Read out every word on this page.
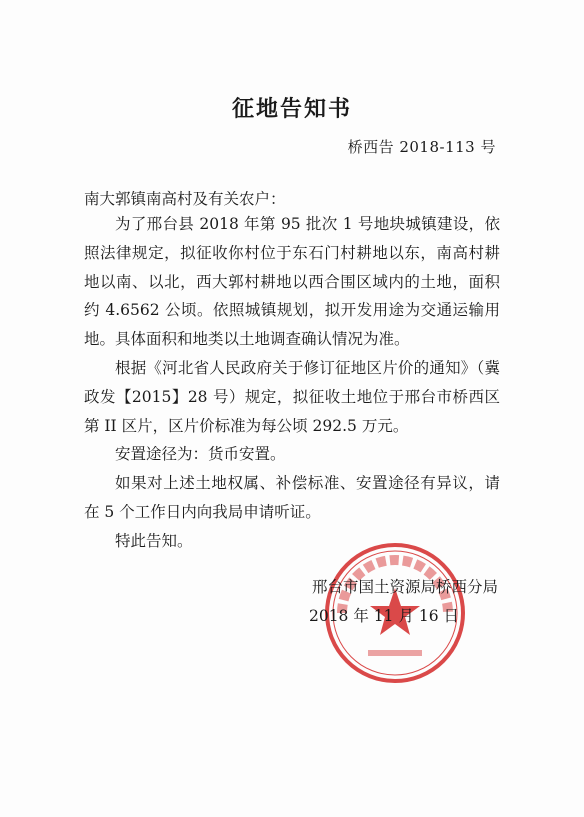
征地告知书
桥西告 2018-113 号
南大郭镇南高村及有关农户：

为了邢台县 2018 年第 95 批次 1 号地块城镇建设，依照法律规定，拟征收你村位于东石门村耕地以东，南高村耕地以南、以北，西大郭村耕地以西合围区域内的土地，面积约 4.6562 公顷。依照城镇规划，拟开发用途为交通运输用地。具体面积和地类以土地调查确认情况为准。

根据《河北省人民政府关于修订征地区片价的通知》（冀政发【2015】28 号）规定，拟征收土地位于邢台市桥西区第 II 区片，区片价标准为每公顷 292.5 万元。

安置途径为：货币安置。

如果对上述土地权属、补偿标准、安置途径有异议，请在 5 个工作日内向我局申请听证。

特此告知。

邢台市国土资源局桥西分局
2018 年 11 月 16 日
